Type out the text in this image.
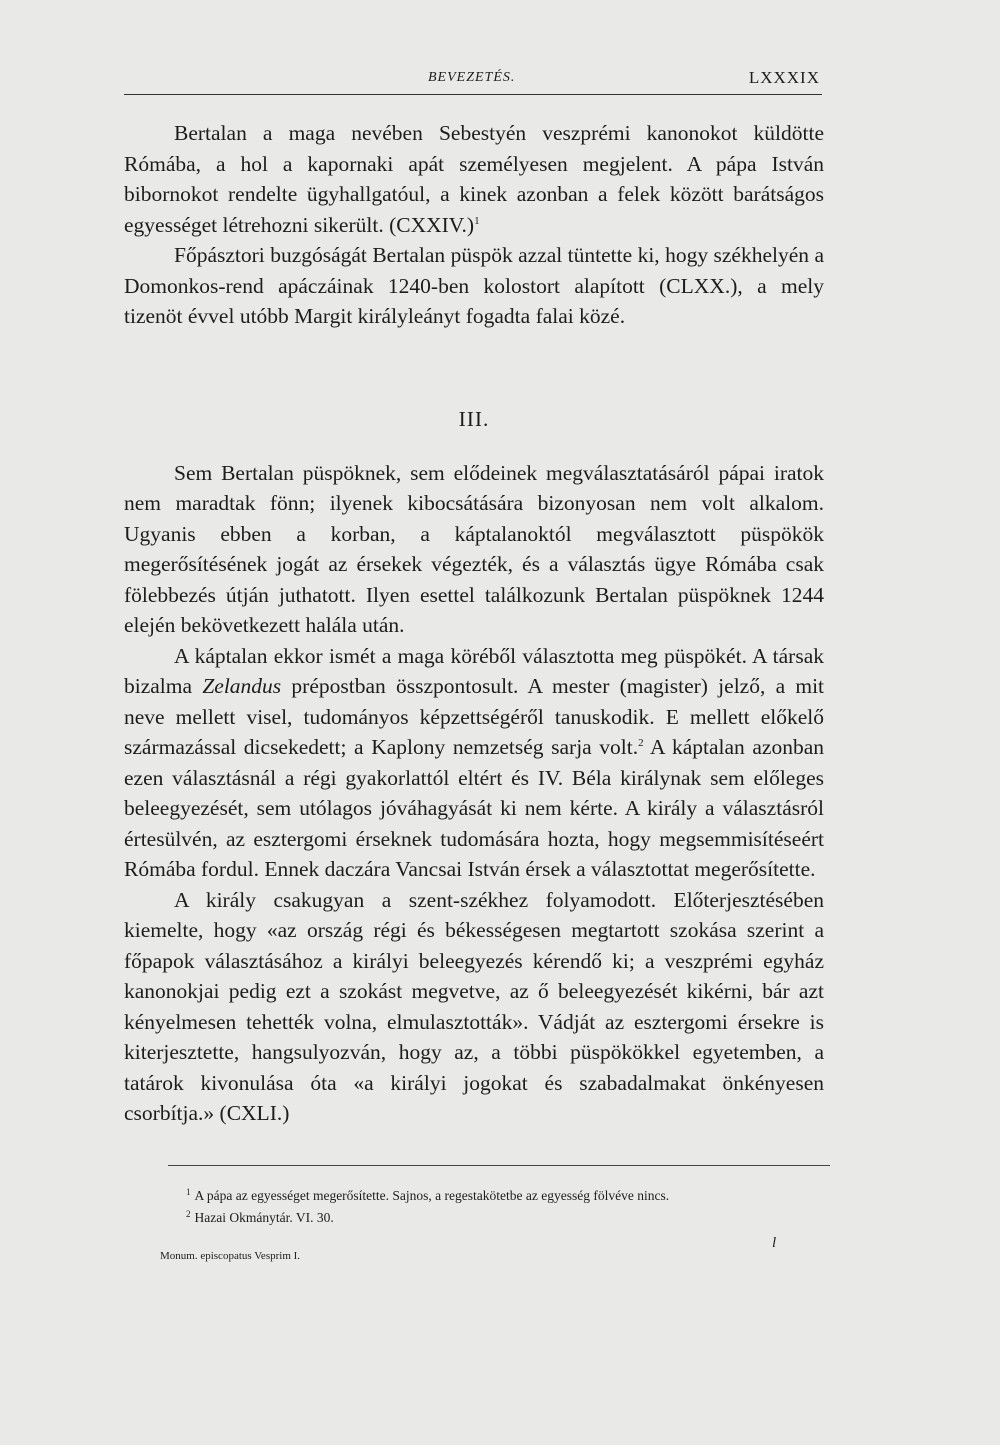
BEVEZETÉS.	LXXXIX

Bertalan a maga nevében Sebestyén veszprémi kanonokot küldötte Rómába, a hol a kapornaki apát személyesen megjelent. A pápa István bibornokot rendelte ügyhallgatóul, a kinek azonban a felek között barátságos egyességet létrehozni sikerült. (CXXIV.)$^1$

Főpásztori buzgóságát Bertalan püspök azzal tüntette ki, hogy székhelyén a Domonkos-rend apáczáinak 1240-ben kolostort alapított (CLXX.), a mely tizenöt évvel utóbb Margit királyleányt fogadta falai közé.

III.

Sem Bertalan püspöknek, sem elődeinek megválasztatásáról pápai iratok nem maradtak fönn; ilyenek kibocsátására bizonyosan nem volt alkalom. Ugyanis ebben a korban, a káptalanoktól megválasztott püspökök megerősítésének jogát az érsekek végezték, és a választás ügye Rómába csak fölebbezés útján juthatott. Ilyen esettel találkozunk Bertalan püspöknek 1244 elején bekövetkezett halála után.

A káptalan ekkor ismét a maga köréből választotta meg püspökét. A társak bizalma Zelandus prépostban összpontosult. A mester (magister) jelző, a mit neve mellett visel, tudományos képzettségéről tanuskodik. E mellett előkelő származással dicsekedett; a Kaplony nemzetség sarja volt.$^2$ A káptalan azonban ezen választásnál a régi gyakorlattól eltért és IV. Béla királynak sem előleges beleegyezését, sem utólagos jóváhagyását ki nem kérte. A király a választásról értesülvén, az esztergomi érseknek tudomására hozta, hogy megsemmisítéseért Rómába fordul. Ennek daczára Vancsai István érsek a választottat megerősítette.

A király csakugyan a szent-székhez folyamodott. Előterjesztésében kiemelte, hogy «az ország régi és békességesen megtartott szokása szerint a főpapok választásához a királyi beleegyezés kérendő ki; a veszprémi egyház kanonokjai pedig ezt a szokást megvetve, az ő beleegyezését kikérni, bár azt kényelmesen tehették volna, elmulasztották». Vádját az esztergomi érsekre is kiterjesztette, hangsulyozván, hogy az, a többi püspökökkel egyetemben, a tatárok kivonulása óta «a királyi jogokat és szabadalmakat önkényesen csorbítja.» (CXLI.)

$^1$ A pápa az egyességet megerősítette. Sajnos, a regestakötetbe az egyesség fölvéve nincs.
$^2$ Hazai Okmánytár. VI. 30.
Monum. episcopatus Vesprim I.
l
